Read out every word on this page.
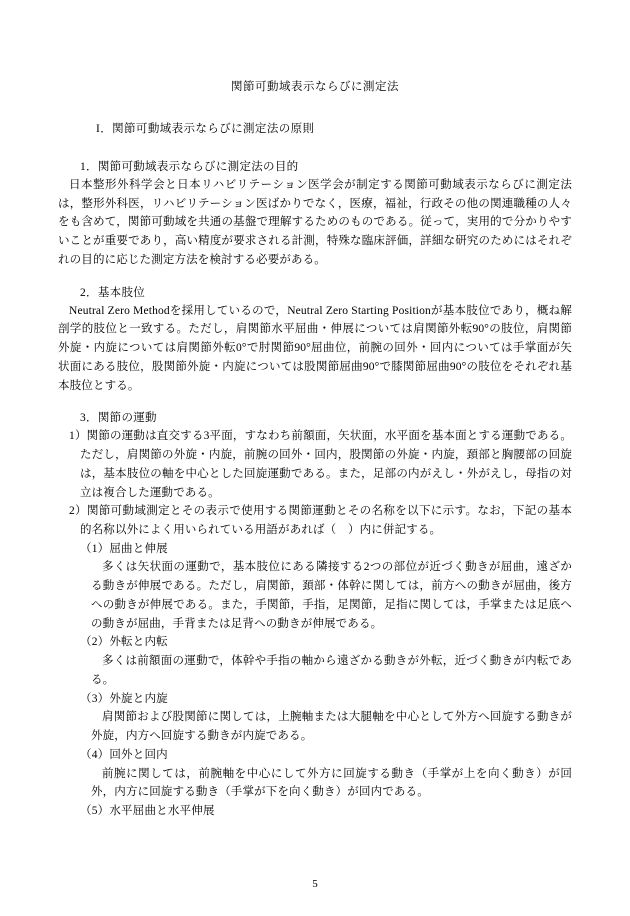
関節可動域表示ならびに測定法
I．関節可動域表示ならびに測定法の原則
1．関節可動域表示ならびに測定法の目的

日本整形外科学会と日本リハビリテーション医学会が制定する関節可動域表示ならびに測定法は，整形外科医，リハビリテーション医ばかりでなく，医療，福祉，行政その他の関連職種の人々をも含めて，関節可動域を共通の基盤で理解するためのものである。従って，実用的で分かりやすいことが重要であり，高い精度が要求される計測，特殊な臨床評価，詳細な研究のためにはそれぞれの目的に応じた測定方法を検討する必要がある。

2．基本肢位

Neutral Zero Methodを採用しているので，Neutral Zero Starting Positionが基本肢位であり，概ね解剖学的肢位と一致する。ただし，肩関節水平屈曲・伸展については肩関節外転90°の肢位，肩関節外旋・内旋については肩関節外転0°で肘関節90°屈曲位，前腕の回外・回内については手掌面が矢状面にある肢位，股関節外旋・内旋については股関節屈曲90°で膝関節屈曲90°の肢位をそれぞれ基本肢位とする。

3．関節の運動

1）関節の運動は直交する3平面，すなわち前額面，矢状面，水平面を基本面とする運動である。ただし，肩関節の外旋・内旋，前腕の回外・回内，股関節の外旋・内旋，頚部と胸腰部の回旋は，基本肢位の軸を中心とした回旋運動である。また，足部の内がえし・外がえし，母指の対立は複合した運動である。

2）関節可動域測定とその表示で使用する関節運動とその名称を以下に示す。なお，下記の基本的名称以外によく用いられている用語があれば（　）内に併記する。

（1）屈曲と伸展

多くは矢状面の運動で，基本肢位にある隣接する2つの部位が近づく動きが屈曲，遠ざかる動きが伸展である。ただし，肩関節，頚部・体幹に関しては，前方への動きが屈曲，後方への動きが伸展である。また，手関節，手指，足関節，足指に関しては，手掌または足底への動きが屈曲，手背または足背への動きが伸展である。

（2）外転と内転

多くは前額面の運動で，体幹や手指の軸から遠ざかる動きが外転，近づく動きが内転である。

（3）外旋と内旋

肩関節および股関節に関しては，上腕軸または大腿軸を中心として外方へ回旋する動きが外旋，内方へ回旋する動きが内旋である。

（4）回外と回内

前腕に関しては，前腕軸を中心にして外方に回旋する動き（手掌が上を向く動き）が回外，内方に回旋する動き（手掌が下を向く動き）が回内である。

（5）水平屈曲と水平伸展
5
